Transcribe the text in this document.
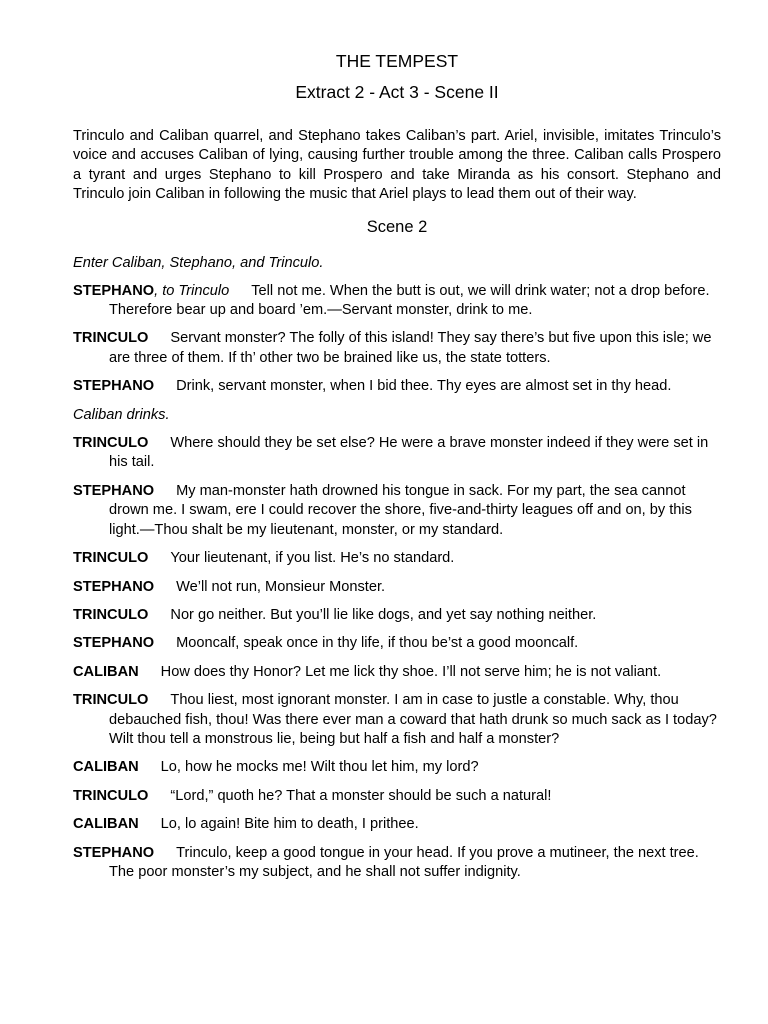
THE TEMPEST

Extract 2 - Act 3 - Scene II

Trinculo and Caliban quarrel, and Stephano takes Caliban’s part. Ariel, invisible, imitates Trinculo’s voice and accuses Caliban of lying, causing further trouble among the three. Caliban calls Prospero a tyrant and urges Stephano to kill Prospero and take Miranda as his consort. Stephano and Trinculo join Caliban in following the music that Ariel plays to lead them out of their way.

Scene 2

Enter Caliban, Stephano, and Trinculo.

STEPHANO, to Trinculo Tell not me. When the butt is out, we will drink water; not a drop before. Therefore bear up and board ’em.—Servant monster, drink to me.

TRINCULO Servant monster? The folly of this island! They say there’s but five upon this isle; we are three of them. If th’ other two be brained like us, the state totters.

STEPHANO Drink, servant monster, when I bid thee. Thy eyes are almost set in thy head.

Caliban drinks.

TRINCULO Where should they be set else? He were a brave monster indeed if they were set in his tail.

STEPHANO My man-monster hath drowned his tongue in sack. For my part, the sea cannot drown me. I swam, ere I could recover the shore, five-and-thirty leagues off and on, by this light.—Thou shalt be my lieutenant, monster, or my standard.

TRINCULO Your lieutenant, if you list. He’s no standard.

STEPHANO We’ll not run, Monsieur Monster.

TRINCULO Nor go neither. But you’ll lie like dogs, and yet say nothing neither.

STEPHANO Mooncalf, speak once in thy life, if thou be’st a good mooncalf.

CALIBAN How does thy Honor? Let me lick thy shoe. I’ll not serve him; he is not valiant.

TRINCULO Thou liest, most ignorant monster. I am in case to justle a constable. Why, thou debauched fish, thou! Was there ever man a coward that hath drunk so much sack as I today? Wilt thou tell a monstrous lie, being but half a fish and half a monster?

CALIBAN Lo, how he mocks me! Wilt thou let him, my lord?

TRINCULO “Lord,” quoth he? That a monster should be such a natural!

CALIBAN Lo, lo again! Bite him to death, I prithee.

STEPHANO Trinculo, keep a good tongue in your head. If you prove a mutineer, the next tree. The poor monster’s my subject, and he shall not suffer indignity.
